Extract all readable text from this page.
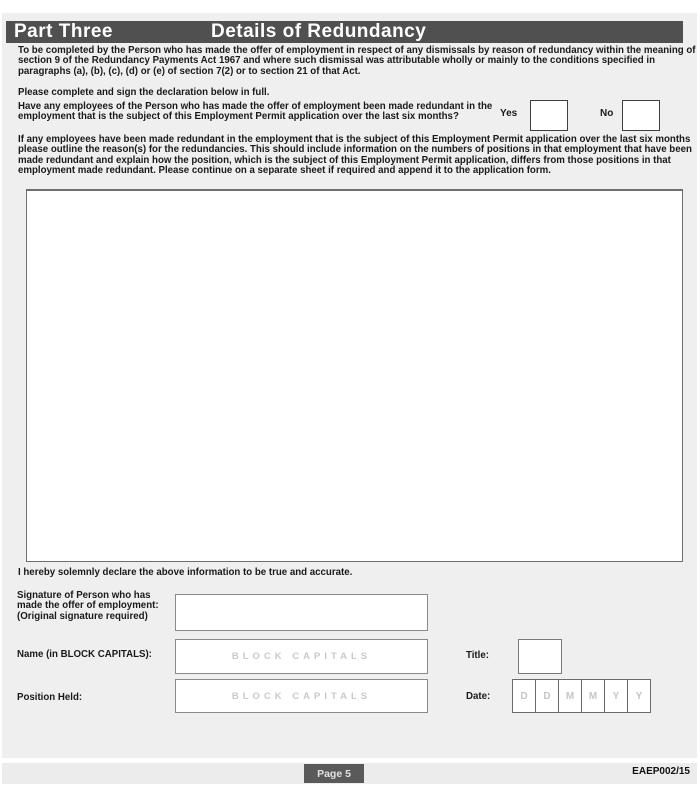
Part Three	Details of Redundancy
To be completed by the Person who has made the offer of employment in respect of any dismissals by reason of redundancy within the meaning of section 9 of the Redundancy Payments Act 1967 and where such dismissal was attributable wholly or mainly to the conditions specified in paragraphs (a), (b), (c), (d) or (e) of section 7(2) or to section 21 of that Act.
Please complete and sign the declaration below in full.
Have any employees of the Person who has made the offer of employment been made redundant in the employment that is the subject of this Employment Permit application over the last six months?	Yes	No
If any employees have been made redundant in the employment that is the subject of this Employment Permit application over the last six months please outline the reason(s) for the redundancies. This should include information on the numbers of positions in that employment that have been made redundant and explain how the position, which is the subject of this Employment Permit application, differs from those positions in that employment made redundant. Please continue on a separate sheet if required and append it to the application form.
I hereby solemnly declare the above information to be true and accurate.
Signature of Person who has made the offer of employment:
(Original signature required)
Name (in BLOCK CAPITALS):	BLOCK CAPITALS	Title:
Position Held:	BLOCK CAPITALS	Date:	D D M M Y Y
Page 5	EAEP002/15
